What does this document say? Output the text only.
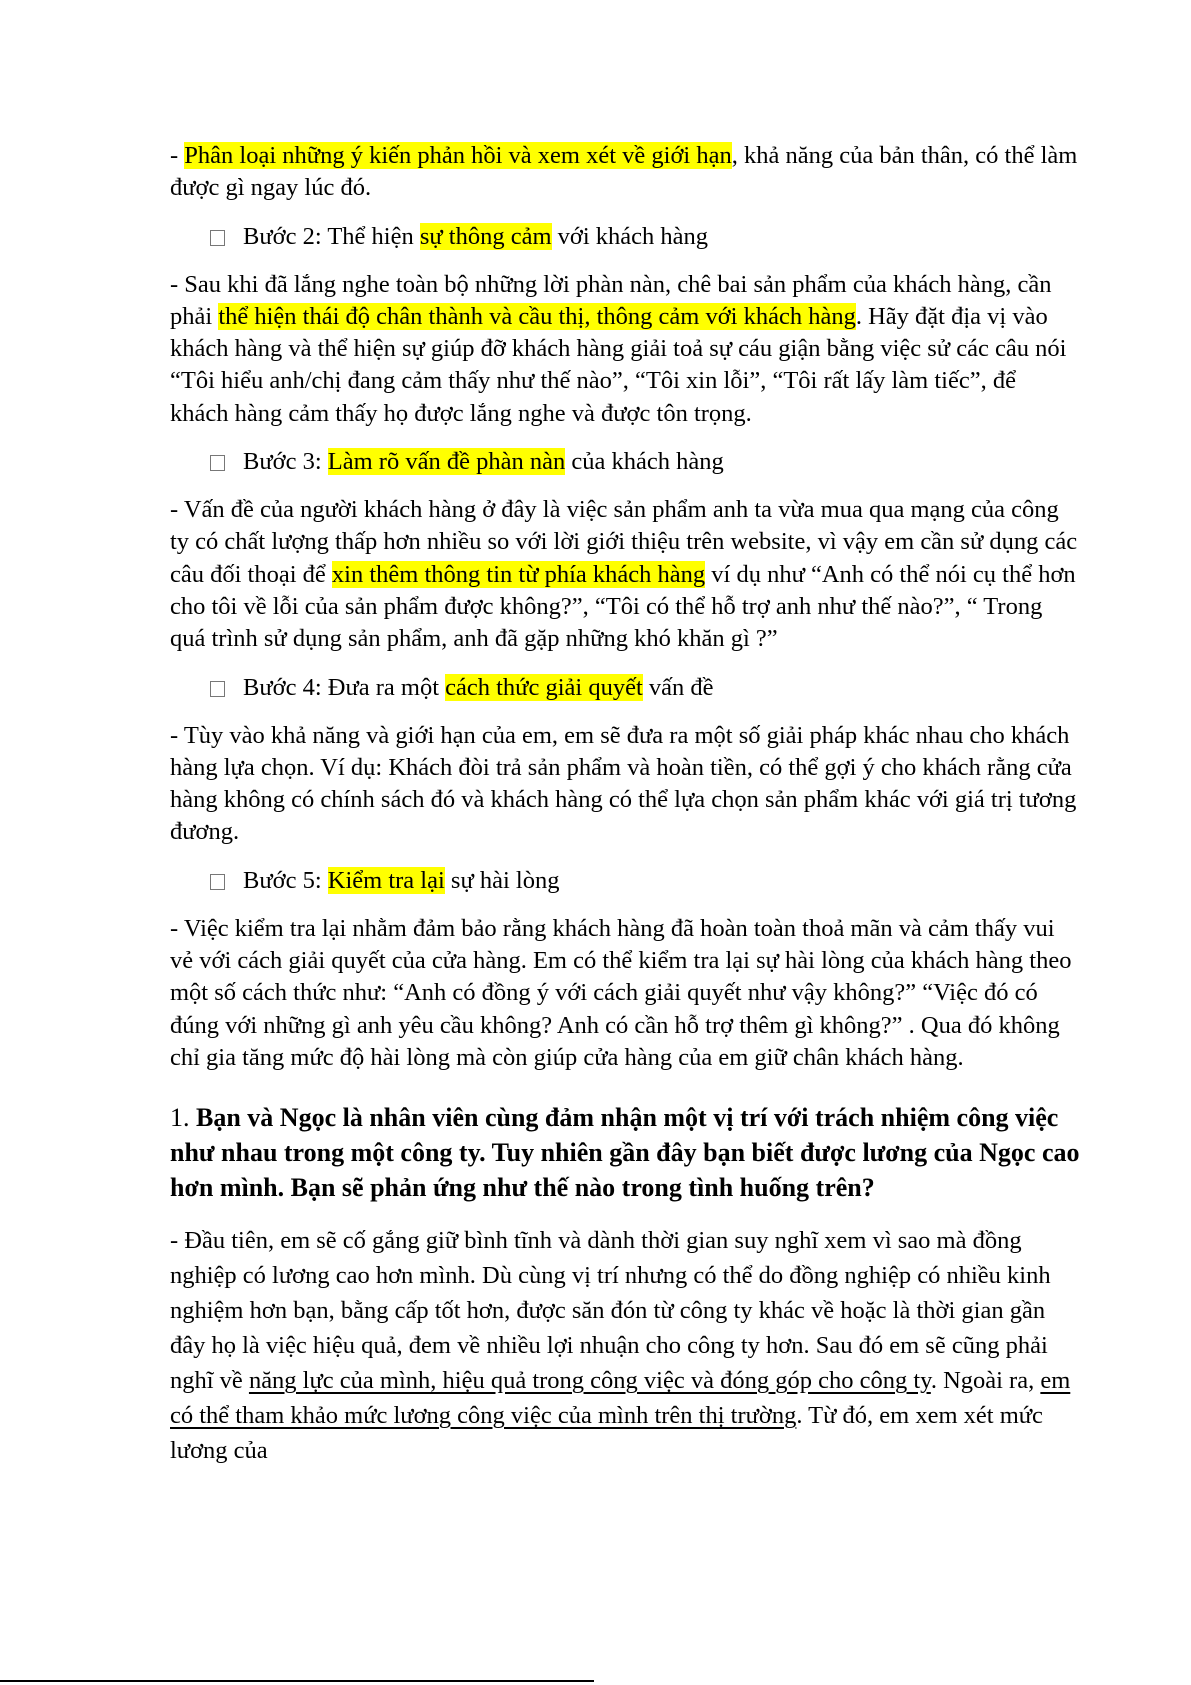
- Phân loại những ý kiến phản hồi và xem xét về giới hạn, khả năng của bản thân, có thể làm được gì ngay lúc đó.

Bước 2: Thể hiện sự thông cảm với khách hàng

- Sau khi đã lắng nghe toàn bộ những lời phàn nàn, chê bai sản phẩm của khách hàng, cần phải thể hiện thái độ chân thành và cầu thị, thông cảm với khách hàng. Hãy đặt địa vị vào khách hàng và thể hiện sự giúp đỡ khách hàng giải toả sự cáu giận bằng việc sử các câu nói “Tôi hiểu anh/chị đang cảm thấy như thế nào”, “Tôi xin lỗi”, “Tôi rất lấy làm tiếc”, để khách hàng cảm thấy họ được lắng nghe và được tôn trọng.

Bước 3: Làm rõ vấn đề phàn nàn của khách hàng

- Vấn đề của người khách hàng ở đây là việc sản phẩm anh ta vừa mua qua mạng của công ty có chất lượng thấp hơn nhiều so với lời giới thiệu trên website, vì vậy em cần sử dụng các câu đối thoại để xin thêm thông tin từ phía khách hàng ví dụ như “Anh có thể nói cụ thể hơn cho tôi về lỗi của sản phẩm được không?”, “Tôi có thể hỗ trợ anh như thế nào?”, “ Trong quá trình sử dụng sản phẩm, anh đã gặp những khó khăn gì ?”

Bước 4: Đưa ra một cách thức giải quyết vấn đề

- Tùy vào khả năng và giới hạn của em, em sẽ đưa ra một số giải pháp khác nhau cho khách hàng lựa chọn. Ví dụ: Khách đòi trả sản phẩm và hoàn tiền, có thể gợi ý cho khách rằng cửa hàng không có chính sách đó và khách hàng có thể lựa chọn sản phẩm khác với giá trị tương đương.

Bước 5: Kiểm tra lại sự hài lòng

- Việc kiểm tra lại nhằm đảm bảo rằng khách hàng đã hoàn toàn thoả mãn và cảm thấy vui vẻ với cách giải quyết của cửa hàng. Em có thể kiểm tra lại sự hài lòng của khách hàng theo một số cách thức như: “Anh có đồng ý với cách giải quyết như vậy không?” “Việc đó có đúng với những gì anh yêu cầu không? Anh có cần hỗ trợ thêm gì không?” . Qua đó không chỉ gia tăng mức độ hài lòng mà còn giúp cửa hàng của em giữ chân khách hàng.

1. Bạn và Ngọc là nhân viên cùng đảm nhận một vị trí với trách nhiệm công việc như nhau trong một công ty. Tuy nhiên gần đây bạn biết được lương của Ngọc cao hơn mình. Bạn sẽ phản ứng như thế nào trong tình huống trên?

- Đầu tiên, em sẽ cố gắng giữ bình tĩnh và dành thời gian suy nghĩ xem vì sao mà đồng nghiệp có lương cao hơn mình. Dù cùng vị trí nhưng có thể do đồng nghiệp có nhiều kinh nghiệm hơn bạn, bằng cấp tốt hơn, được săn đón từ công ty khác về hoặc là thời gian gần đây họ là việc hiệu quả, đem về nhiều lợi nhuận cho công ty hơn. Sau đó em sẽ cũng phải nghĩ về năng lực của mình, hiệu quả trong công việc và đóng góp cho công ty. Ngoài ra, em có thể tham khảo mức lương công việc của mình trên thị trường. Từ đó, em xem xét mức lương của
